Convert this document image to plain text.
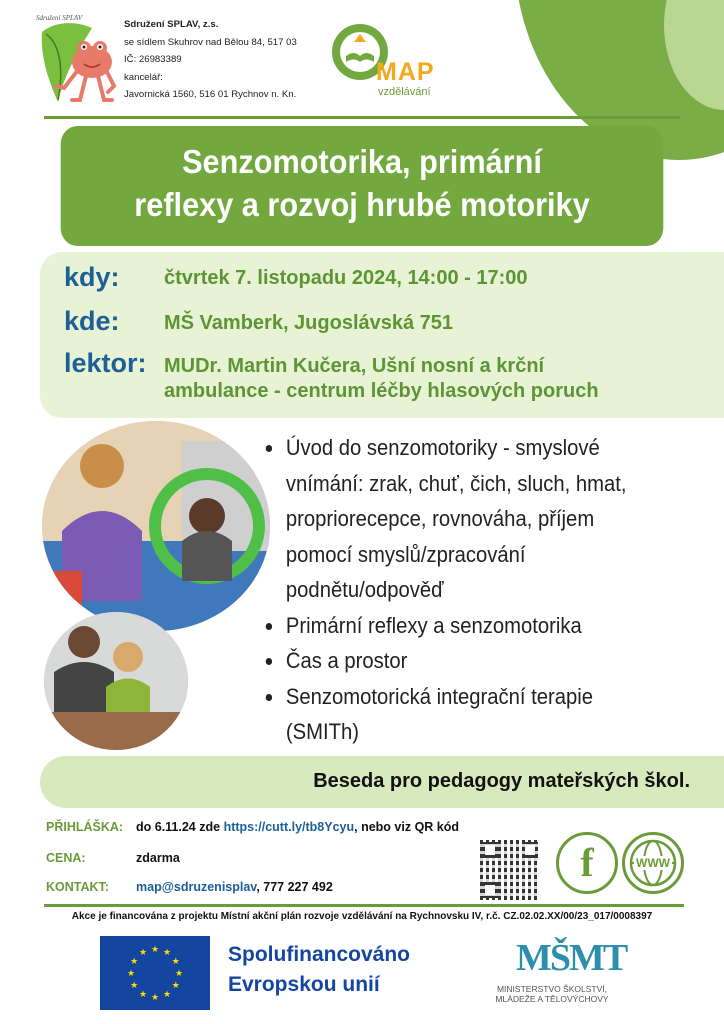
Sdružení SPLAV
Sdružení SPLAV, z.s.
se sídlem Skuhrov nad Bělou 84, 517 03
IČ: 26983389
kancelář:
Javornická 1560, 516 01 Rychnov n. Kn.
MAP
vzdělávání
Senzomotorika, primární
reflexy a rozvoj hrubé motoriky
kdy: čtvrtek 7. listopadu 2024, 14:00 - 17:00
kde: MŠ Vamberk, Jugoslávská 751
lektor: MUDr. Martin Kučera, Ušní nosní a krční
ambulance - centrum léčby hlasových poruch
Úvod do senzomotoriky - smyslové
vnímání: zrak, chuť, čich, sluch, hmat,
propriorecepce, rovnováha, příjem
pomocí smyslů/zpracování
podnětu/odpověď
Primární reflexy a senzomotorika
Čas a prostor
Senzomotorická integrační terapie
(SMITh)
Beseda pro pedagogy mateřských škol.
PŘIHLÁŠKA: do 6.11.24 zde https://cutt.ly/tb8Ycyu, nebo viz QR kód
CENA:	zdarma
KONTAKT: map@sdruzenisplav, 777 227 492
f	WWW
Akce je financována z projektu Místní akční plán rozvoje vzdělávání na Rychnovsku IV, r.č. CZ.02.02.XX/00/23_017/0008397
★
★
★
★
★
★
★
★
★ ★ ★
★ Spolufinancováno
Evropskou unií
MŠMT
MINISTERSTVO ŠKOLSTVÍ,
MLÁDEŽE A TĚLOVÝCHOVY
